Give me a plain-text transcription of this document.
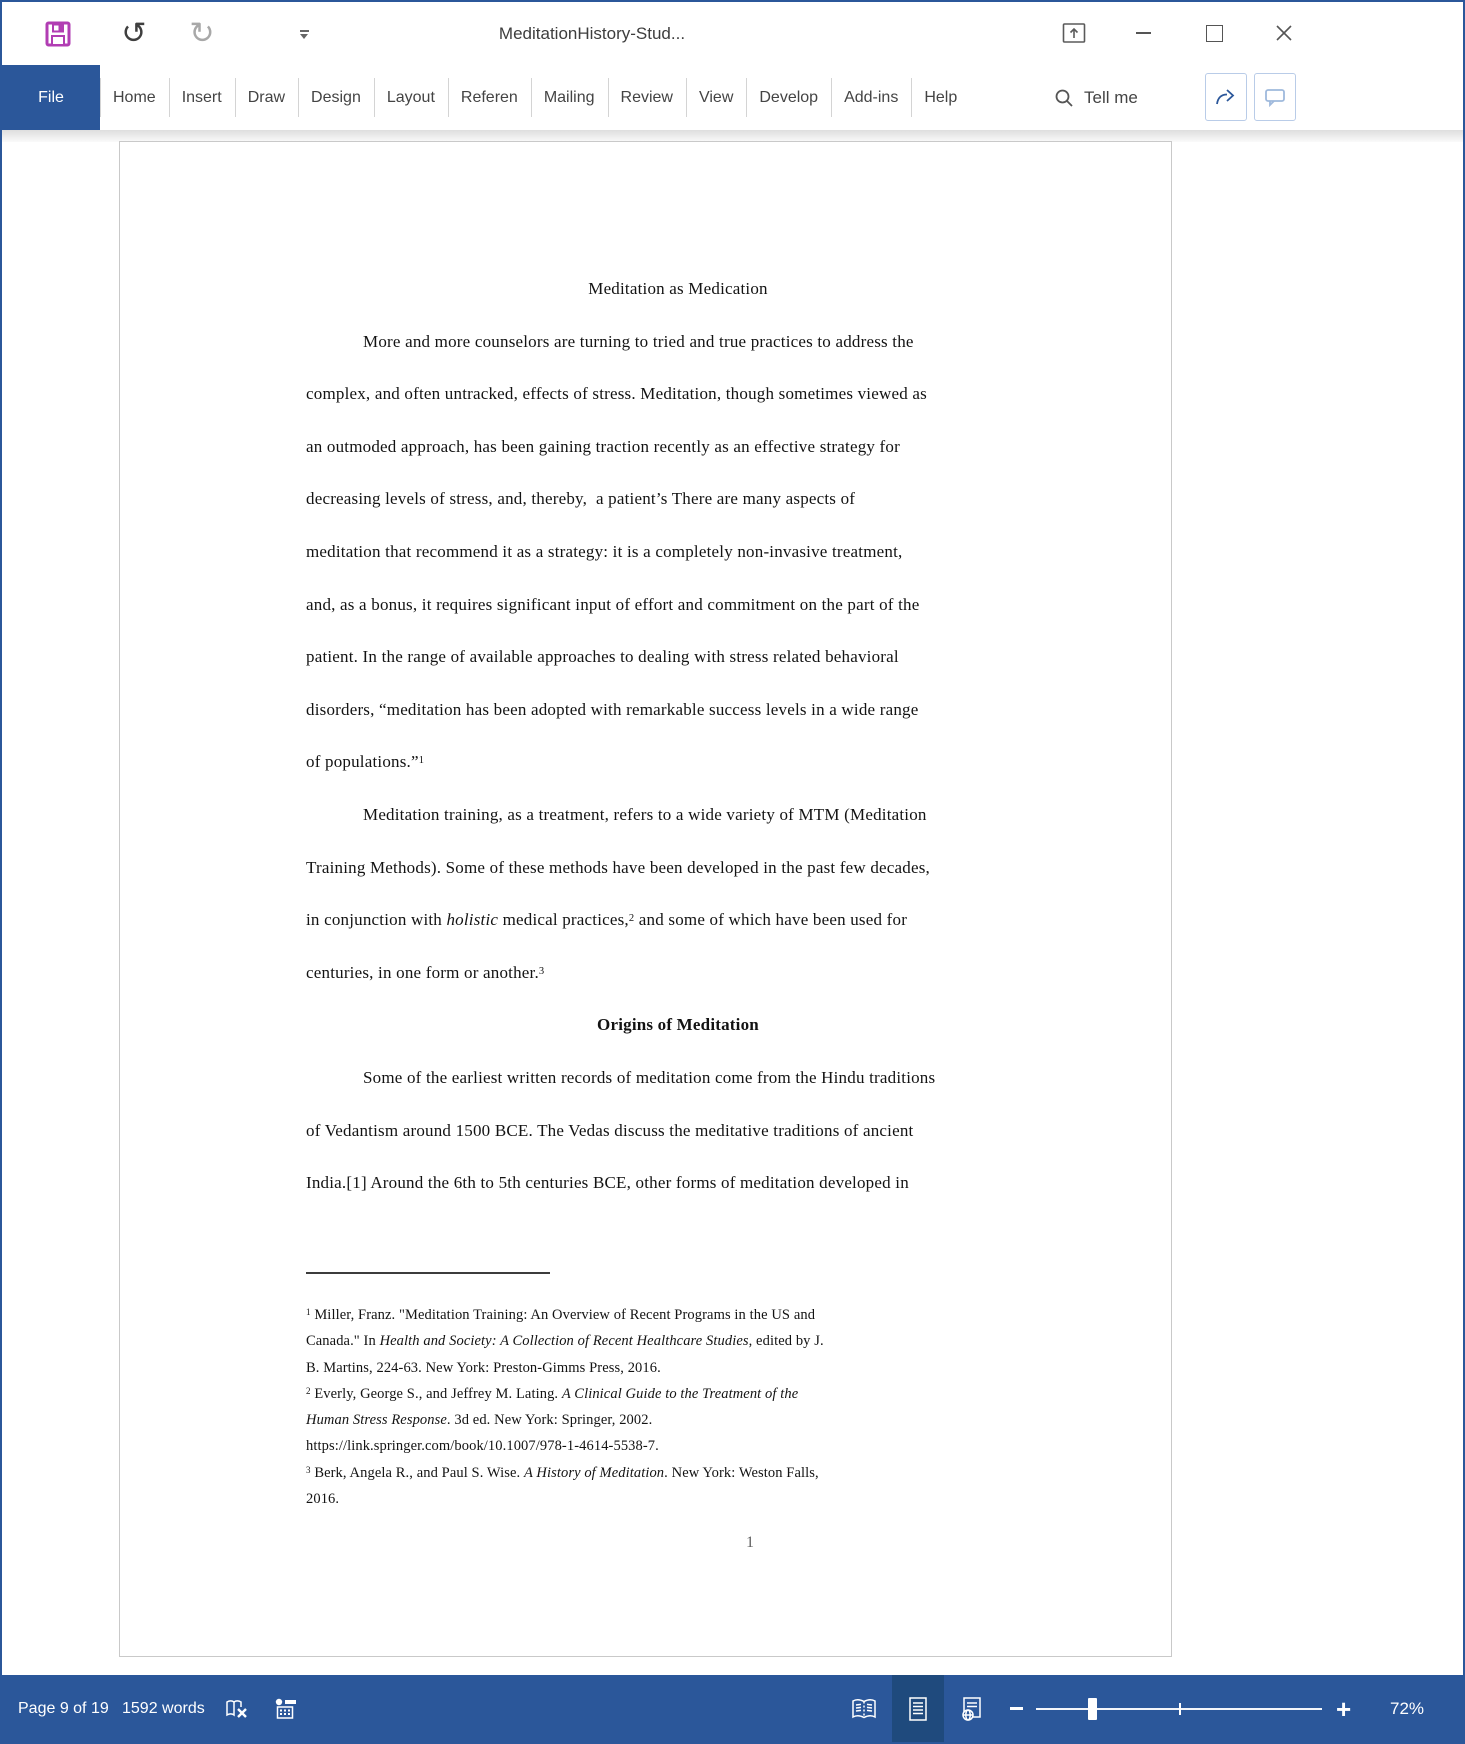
↺ ↻	MeditationHistory-Stud...
File	Home	Insert	Draw	Design	Layout	Referen	Mailing	Review	View	Develop	Add-ins	Help	Tell me
Meditation as Medication
More and more counselors are turning to tried and true practices to address the
complex, and often untracked, effects of stress. Meditation, though sometimes viewed as
an outmoded approach, has been gaining traction recently as an effective strategy for
decreasing levels of stress, and, thereby,  a patient’s There are many aspects of
meditation that recommend it as a strategy: it is a completely non-invasive treatment,
and, as a bonus, it requires significant input of effort and commitment on the part of the
patient. In the range of available approaches to dealing with stress related behavioral
disorders, “meditation has been adopted with remarkable success levels in a wide range
of populations.”$^1$
Meditation training, as a treatment, refers to a wide variety of MTM (Meditation
Training Methods). Some of these methods have been developed in the past few decades,
in conjunction with holistic medical practices,$^2$ and some of which have been used for
centuries, in one form or another.$^3$
Origins of Meditation
Some of the earliest written records of meditation come from the Hindu traditions
of Vedantism around 1500 BCE. The Vedas discuss the meditative traditions of ancient
India.[1] Around the 6th to 5th centuries BCE, other forms of meditation developed in
$^1$ Miller, Franz. "Meditation Training: An Overview of Recent Programs in the US and
Canada." In Health and Society: A Collection of Recent Healthcare Studies, edited by J.
B. Martins, 224-63. New York: Preston-Gimms Press, 2016.
$^2$ Everly, George S., and Jeffrey M. Lating. A Clinical Guide to the Treatment of the
Human Stress Response. 3d ed. New York: Springer, 2002.
https://link.springer.com/book/10.1007/978-1-4614-5538-7.
$^3$ Berk, Angela R., and Paul S. Wise. A History of Meditation. New York: Weston Falls,
2016.
1
Page 9 of 19 1592 words	+ 72%
